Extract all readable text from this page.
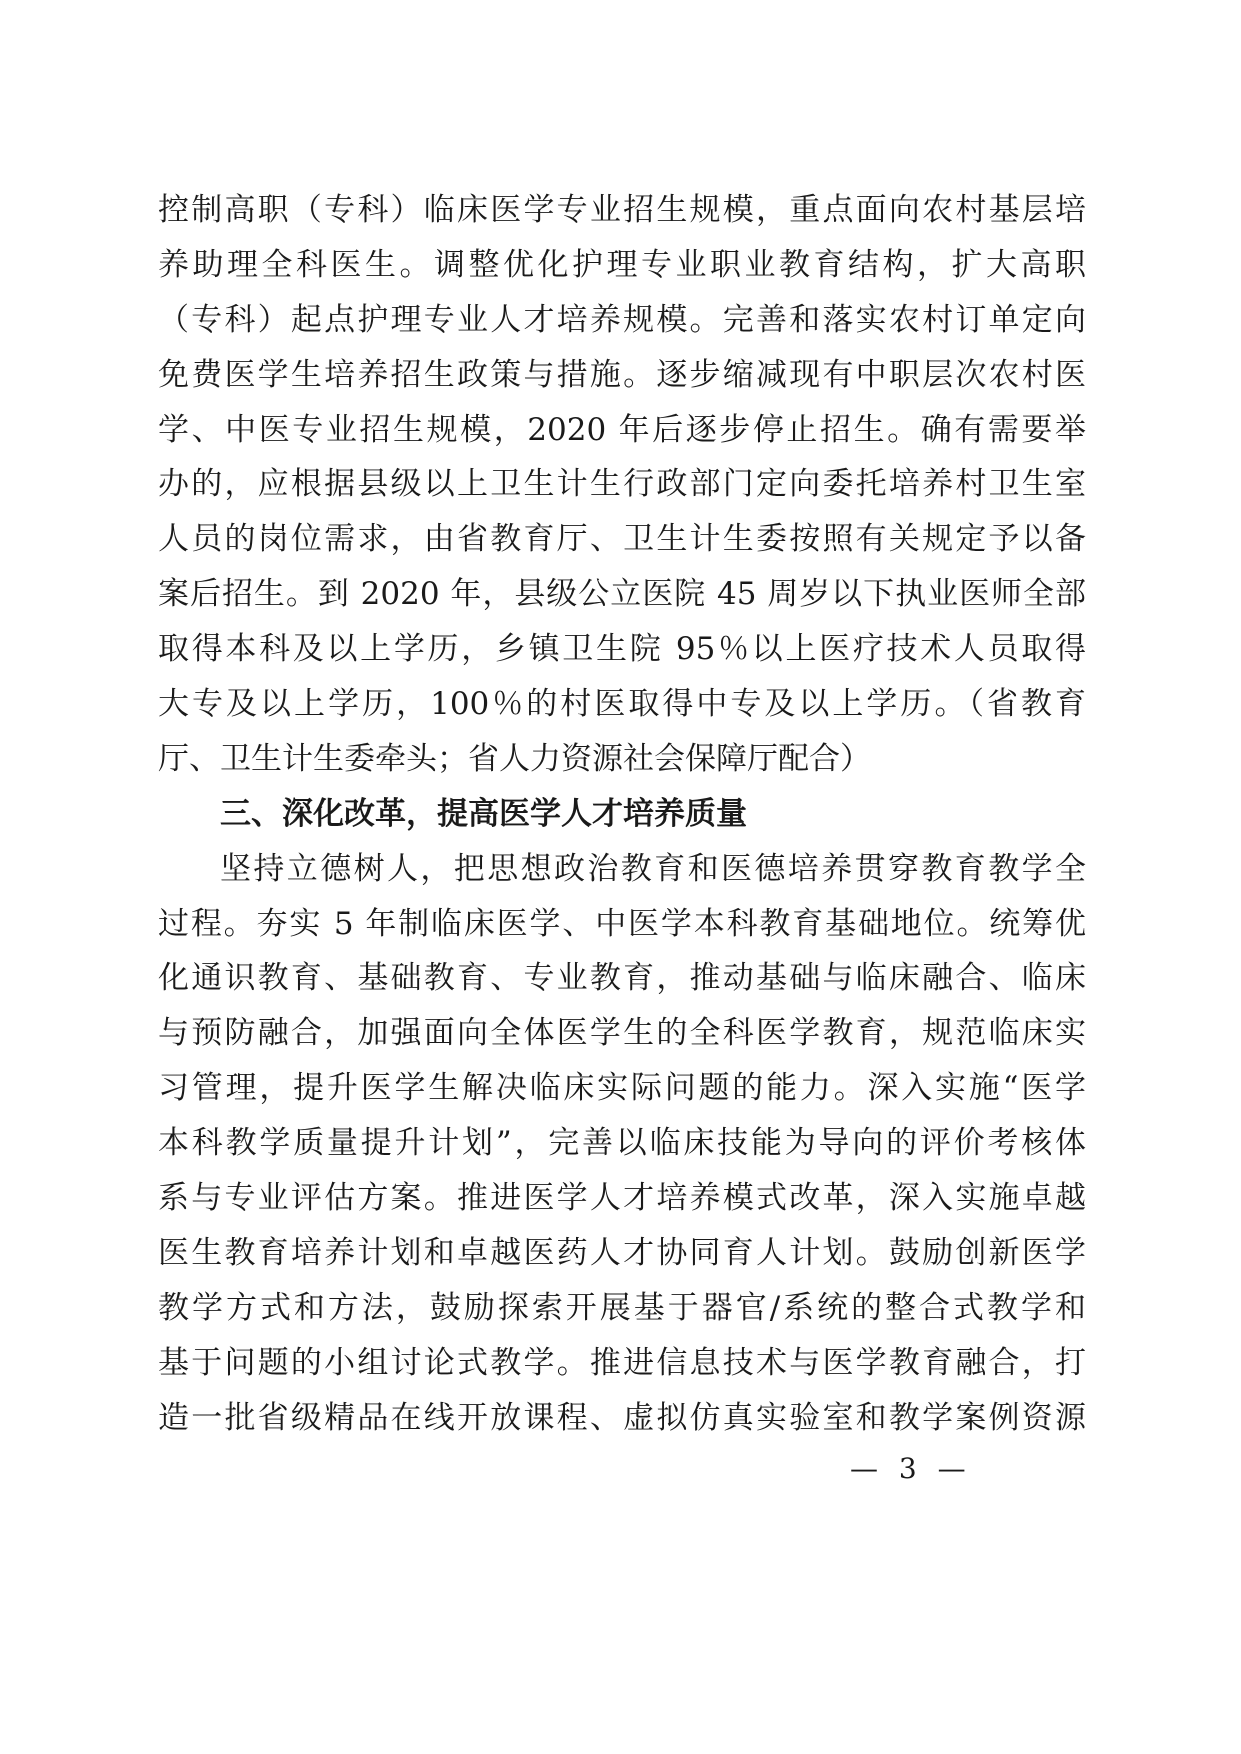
控制高职（专科）临床医学专业招生规模，重点面向农村基层培
养助理全科医生。调整优化护理专业职业教育结构，扩大高职
（专科）起点护理专业人才培养规模。完善和落实农村订单定向
免费医学生培养招生政策与措施。逐步缩减现有中职层次农村医
学、中医专业招生规模，2020 年后逐步停止招生。确有需要举
办的，应根据县级以上卫生计生行政部门定向委托培养村卫生室
人员的岗位需求，由省教育厅、卫生计生委按照有关规定予以备
案后招生。到 2020 年，县级公立医院 45 周岁以下执业医师全部
取得本科及以上学历，乡镇卫生院 95％以上医疗技术人员取得
大专及以上学历，100％的村医取得中专及以上学历。（省教育
厅、卫生计生委牵头；省人力资源社会保障厅配合）
三、深化改革，提高医学人才培养质量
坚持立德树人，把思想政治教育和医德培养贯穿教育教学全
过程。夯实 5 年制临床医学、中医学本科教育基础地位。统筹优
化通识教育、基础教育、专业教育，推动基础与临床融合、临床
与预防融合，加强面向全体医学生的全科医学教育，规范临床实
习管理，提升医学生解决临床实际问题的能力。深入实施“医学
本科教学质量提升计划”，完善以临床技能为导向的评价考核体
系与专业评估方案。推进医学人才培养模式改革，深入实施卓越
医生教育培养计划和卓越医药人才协同育人计划。鼓励创新医学
教学方式和方法，鼓励探索开展基于器官/系统的整合式教学和
基于问题的小组讨论式教学。推进信息技术与医学教育融合，打
造一批省级精品在线开放课程、虚拟仿真实验室和教学案例资源
— 3 —
